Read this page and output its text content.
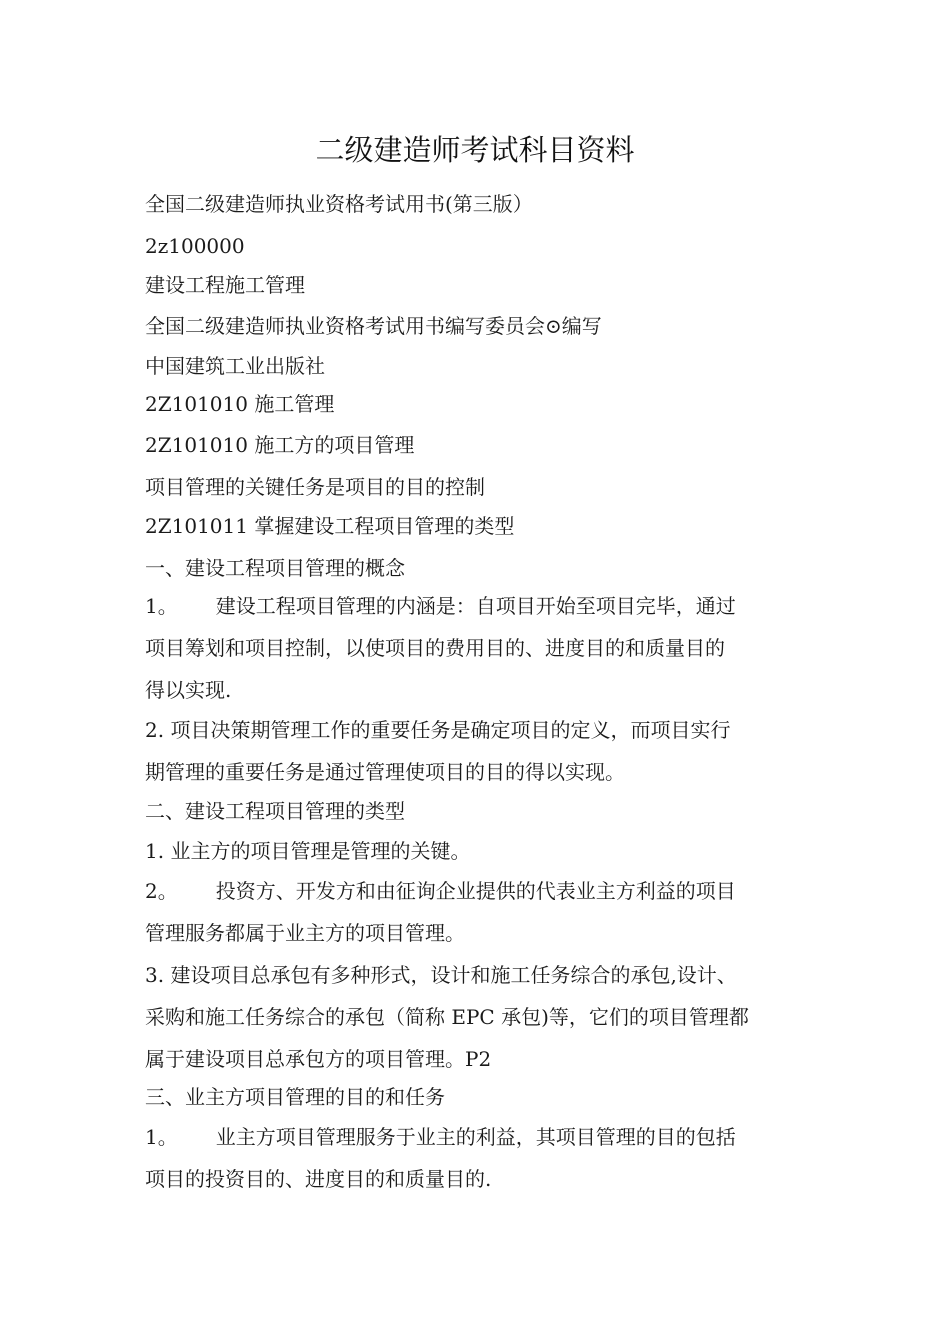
二级建造师考试科目资料

全国二级建造师执业资格考试用书(第三版）

2z100000

建设工程施工管理

全国二级建造师执业资格考试用书编写委员会⊙编写

中国建筑工业出版社

2Z101010 施工管理

2Z101010 施工方的项目管理

项目管理的关键任务是项目的目的控制

2Z101011 掌握建设工程项目管理的类型

一、建设工程项目管理的概念

1。 建设工程项目管理的内涵是：自项目开始至项目完毕，通过
项目筹划和项目控制，以使项目的费用目的、进度目的和质量目的
得以实现.
2. 项目决策期管理工作的重要任务是确定项目的定义，而项目实行
期管理的重要任务是通过管理使项目的目的得以实现。

二、建设工程项目管理的类型

1. 业主方的项目管理是管理的关键。

2。 投资方、开发方和由征询企业提供的代表业主方利益的项目
管理服务都属于业主方的项目管理。
3. 建设项目总承包有多种形式，设计和施工任务综合的承包,设计、
采购和施工任务综合的承包（简称 EPC 承包)等，它们的项目管理都
属于建设项目总承包方的项目管理。P2

三、业主方项目管理的目的和任务

1。 业主方项目管理服务于业主的利益，其项目管理的目的包括
项目的投资目的、进度目的和质量目的.
